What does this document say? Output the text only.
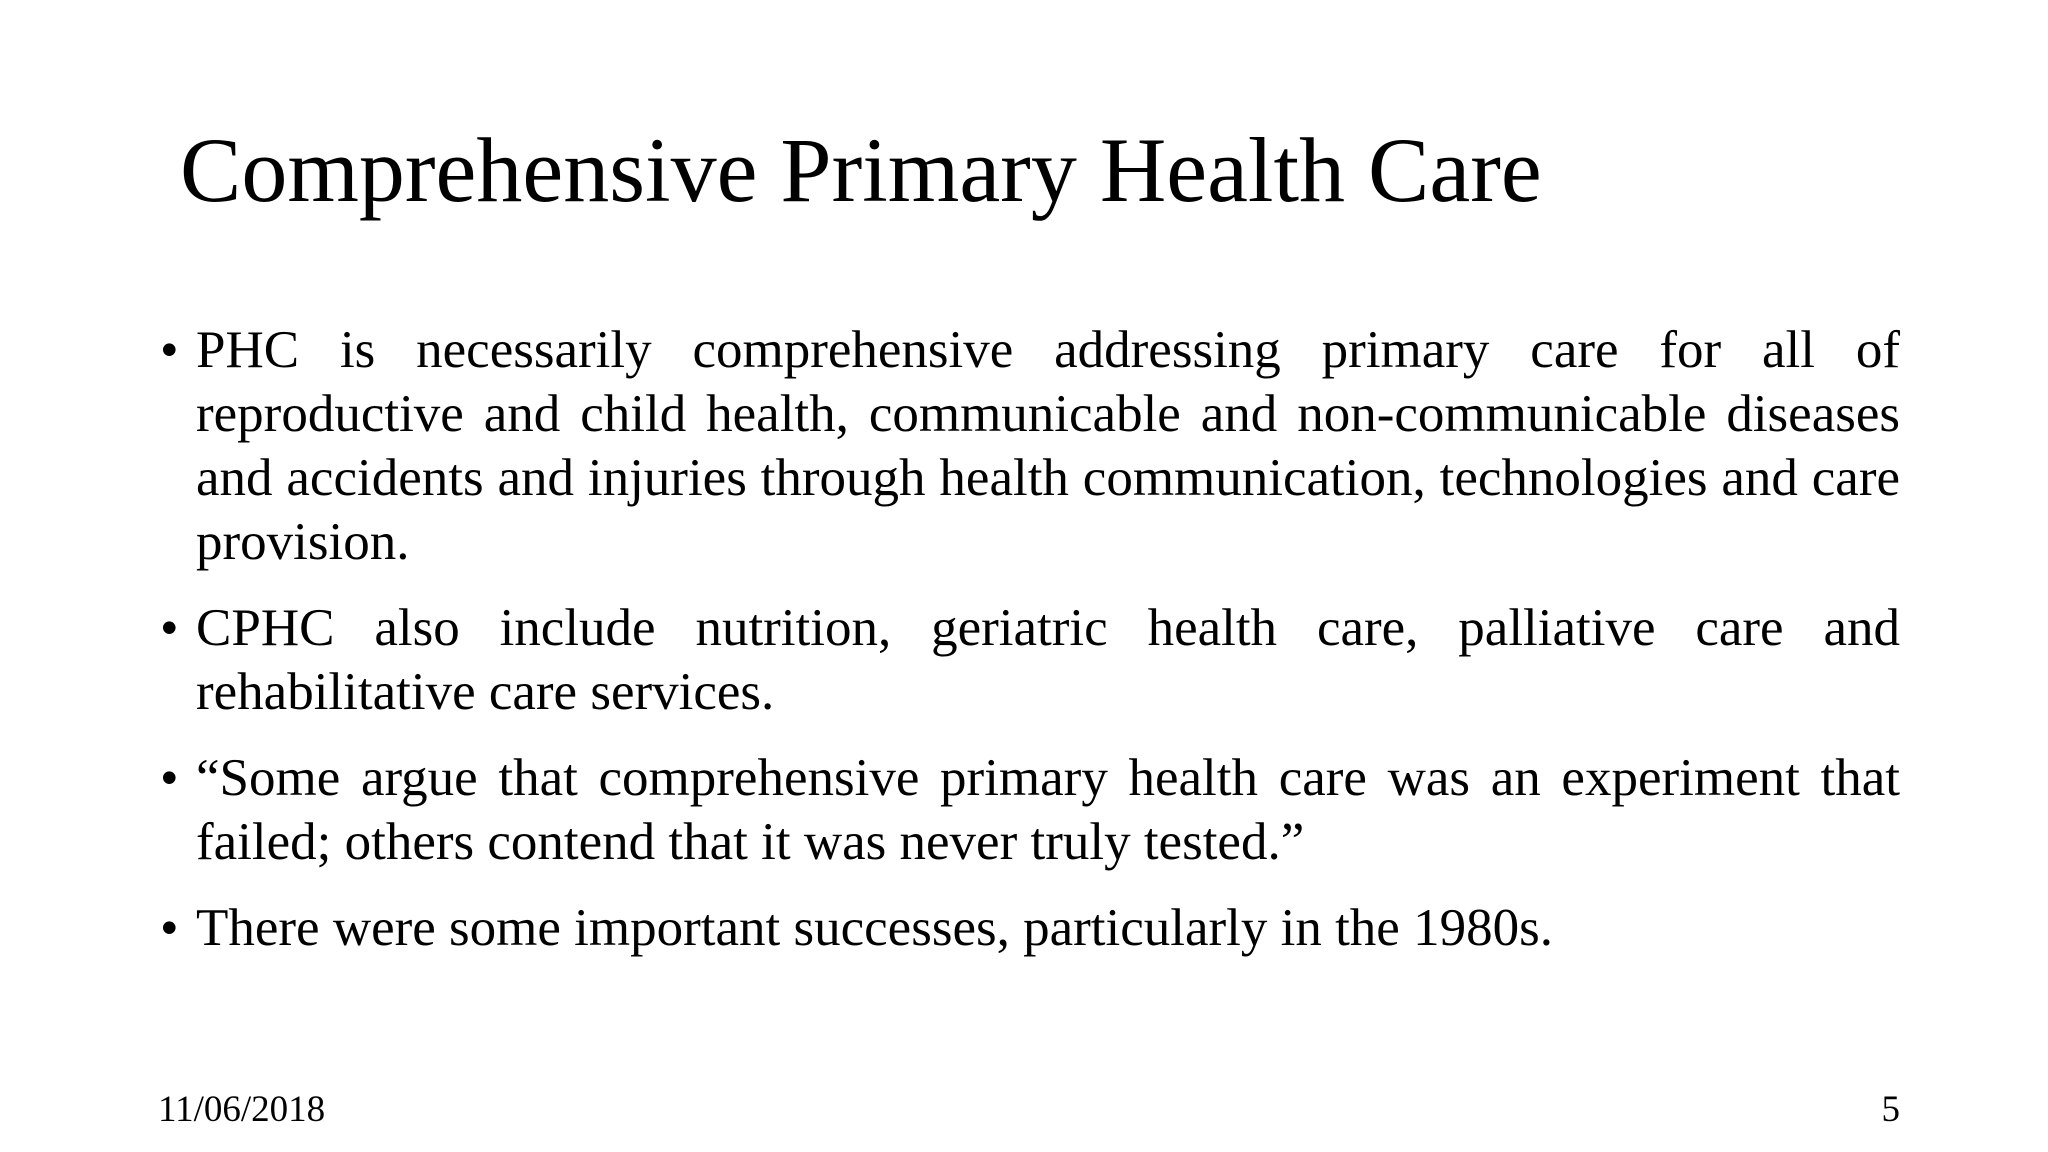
Comprehensive Primary Health Care
• PHC is necessarily comprehensive addressing primary care for all of reproductive and child health, communicable and non-communicable diseases and accidents and injuries through health communication, technologies and care provision.
• CPHC also include nutrition, geriatric health care, palliative care and rehabilitative care services.
• “Some argue that comprehensive primary health care was an experiment that failed; others contend that it was never truly tested.”
• There were some important successes, particularly in the 1980s.
11/06/2018	5
